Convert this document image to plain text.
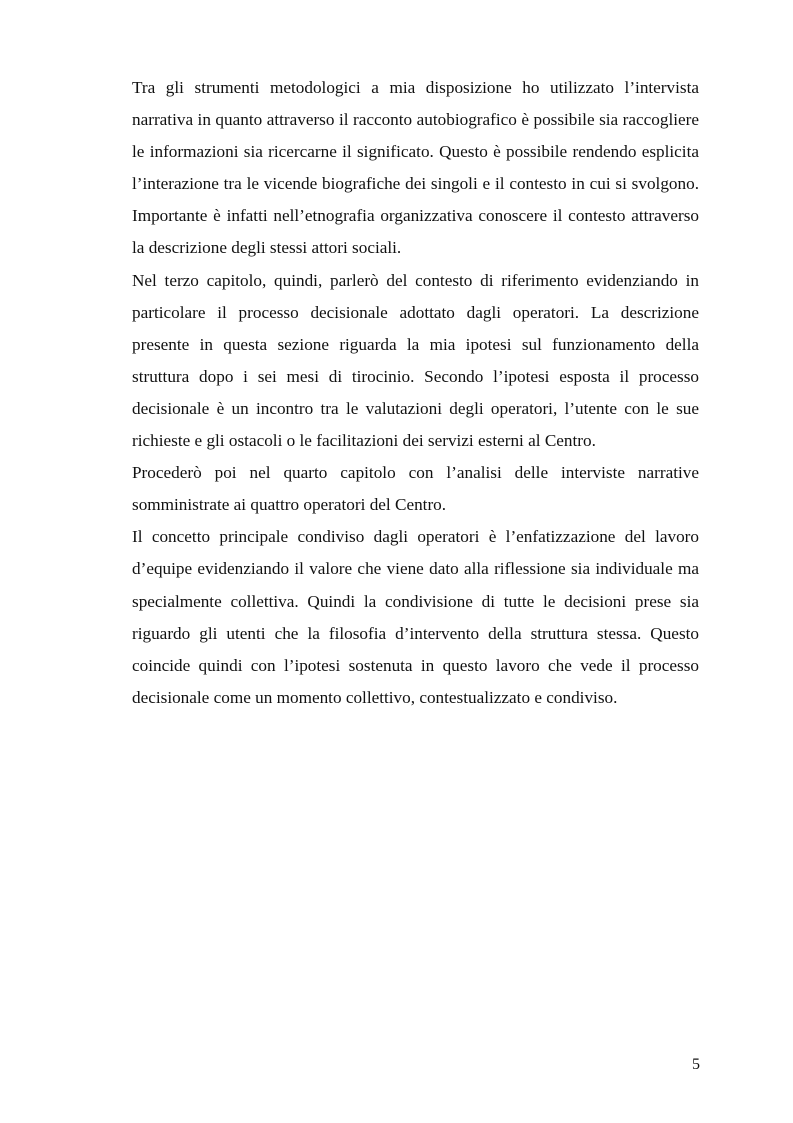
Tra gli strumenti metodologici a mia disposizione ho utilizzato l’intervista narrativa in quanto attraverso il racconto autobiografico è possibile sia raccogliere le informazioni sia ricercarne il significato. Questo è possibile rendendo esplicita l’interazione tra le vicende biografiche dei singoli e il contesto in cui si svolgono. Importante è infatti nell’etnografia organizzativa conoscere il contesto attraverso la descrizione degli stessi attori sociali.

Nel terzo capitolo, quindi, parlerò del contesto di riferimento evidenziando in particolare il processo decisionale adottato dagli operatori. La descrizione presente in questa sezione riguarda la mia ipotesi sul funzionamento della struttura dopo i sei mesi di tirocinio. Secondo l’ipotesi esposta il processo decisionale è un incontro tra le valutazioni degli operatori, l’utente con le sue richieste e gli ostacoli o le facilitazioni dei servizi esterni al Centro.

Procederò poi nel quarto capitolo con l’analisi delle interviste narrative somministrate ai quattro operatori del Centro.

Il concetto principale condiviso dagli operatori è l’enfatizzazione del lavoro d’equipe evidenziando il valore che viene dato alla riflessione sia individuale ma specialmente collettiva. Quindi la condivisione di tutte le decisioni prese sia riguardo gli utenti che la filosofia d’intervento della struttura stessa. Questo coincide quindi con l’ipotesi sostenuta in questo lavoro che vede il processo decisionale come un momento collettivo, contestualizzato e condiviso.

5
